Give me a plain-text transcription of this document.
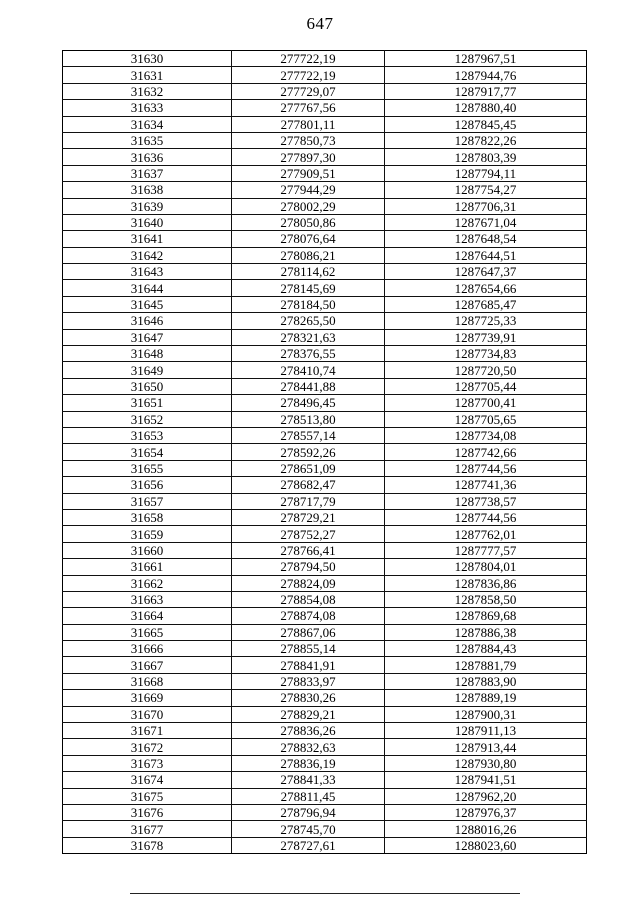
647
31630	277722,19	1287967,51
31631	277722,19	1287944,76
31632	277729,07	1287917,77
31633	277767,56	1287880,40
31634	277801,11	1287845,45
31635	277850,73	1287822,26
31636	277897,30	1287803,39
31637	277909,51	1287794,11
31638	277944,29	1287754,27
31639	278002,29	1287706,31
31640	278050,86	1287671,04
31641	278076,64	1287648,54
31642	278086,21	1287644,51
31643	278114,62	1287647,37
31644	278145,69	1287654,66
31645	278184,50	1287685,47
31646	278265,50	1287725,33
31647	278321,63	1287739,91
31648	278376,55	1287734,83
31649	278410,74	1287720,50
31650	278441,88	1287705,44
31651	278496,45	1287700,41
31652	278513,80	1287705,65
31653	278557,14	1287734,08
31654	278592,26	1287742,66
31655	278651,09	1287744,56
31656	278682,47	1287741,36
31657	278717,79	1287738,57
31658	278729,21	1287744,56
31659	278752,27	1287762,01
31660	278766,41	1287777,57
31661	278794,50	1287804,01
31662	278824,09	1287836,86
31663	278854,08	1287858,50
31664	278874,08	1287869,68
31665	278867,06	1287886,38
31666	278855,14	1287884,43
31667	278841,91	1287881,79
31668	278833,97	1287883,90
31669	278830,26	1287889,19
31670	278829,21	1287900,31
31671	278836,26	1287911,13
31672	278832,63	1287913,44
31673	278836,19	1287930,80
31674	278841,33	1287941,51
31675	278811,45	1287962,20
31676	278796,94	1287976,37
31677	278745,70	1288016,26
31678	278727,61	1288023,60
